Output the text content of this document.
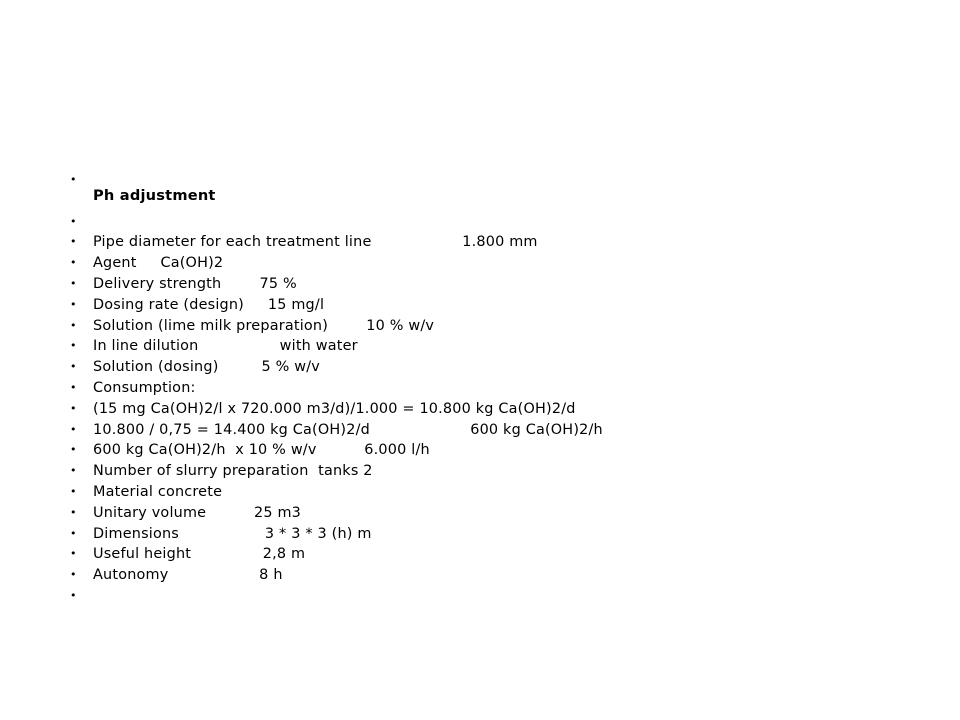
•
Ph adjustment
•
• Pipe diameter for each treatment line                   1.800 mm
• Agent     Ca(OH)2
• Delivery strength        75 %
• Dosing rate (design)     15 mg/l
• Solution (lime milk preparation)        10 % w/v
• In line dilution                 with water
• Solution (dosing)         5 % w/v
• Consumption:
• (15 mg Ca(OH)2/l x 720.000 m3/d)/1.000 = 10.800 kg Ca(OH)2/d
• 10.800 / 0,75 = 14.400 kg Ca(OH)2/d                     600 kg Ca(OH)2/h
• 600 kg Ca(OH)2/h  x 10 % w/v          6.000 l/h
• Number of slurry preparation  tanks 2
• Material concrete
• Unitary volume          25 m3
• Dimensions                  3 * 3 * 3 (h) m
• Useful height               2,8 m
• Autonomy                   8 h
•
